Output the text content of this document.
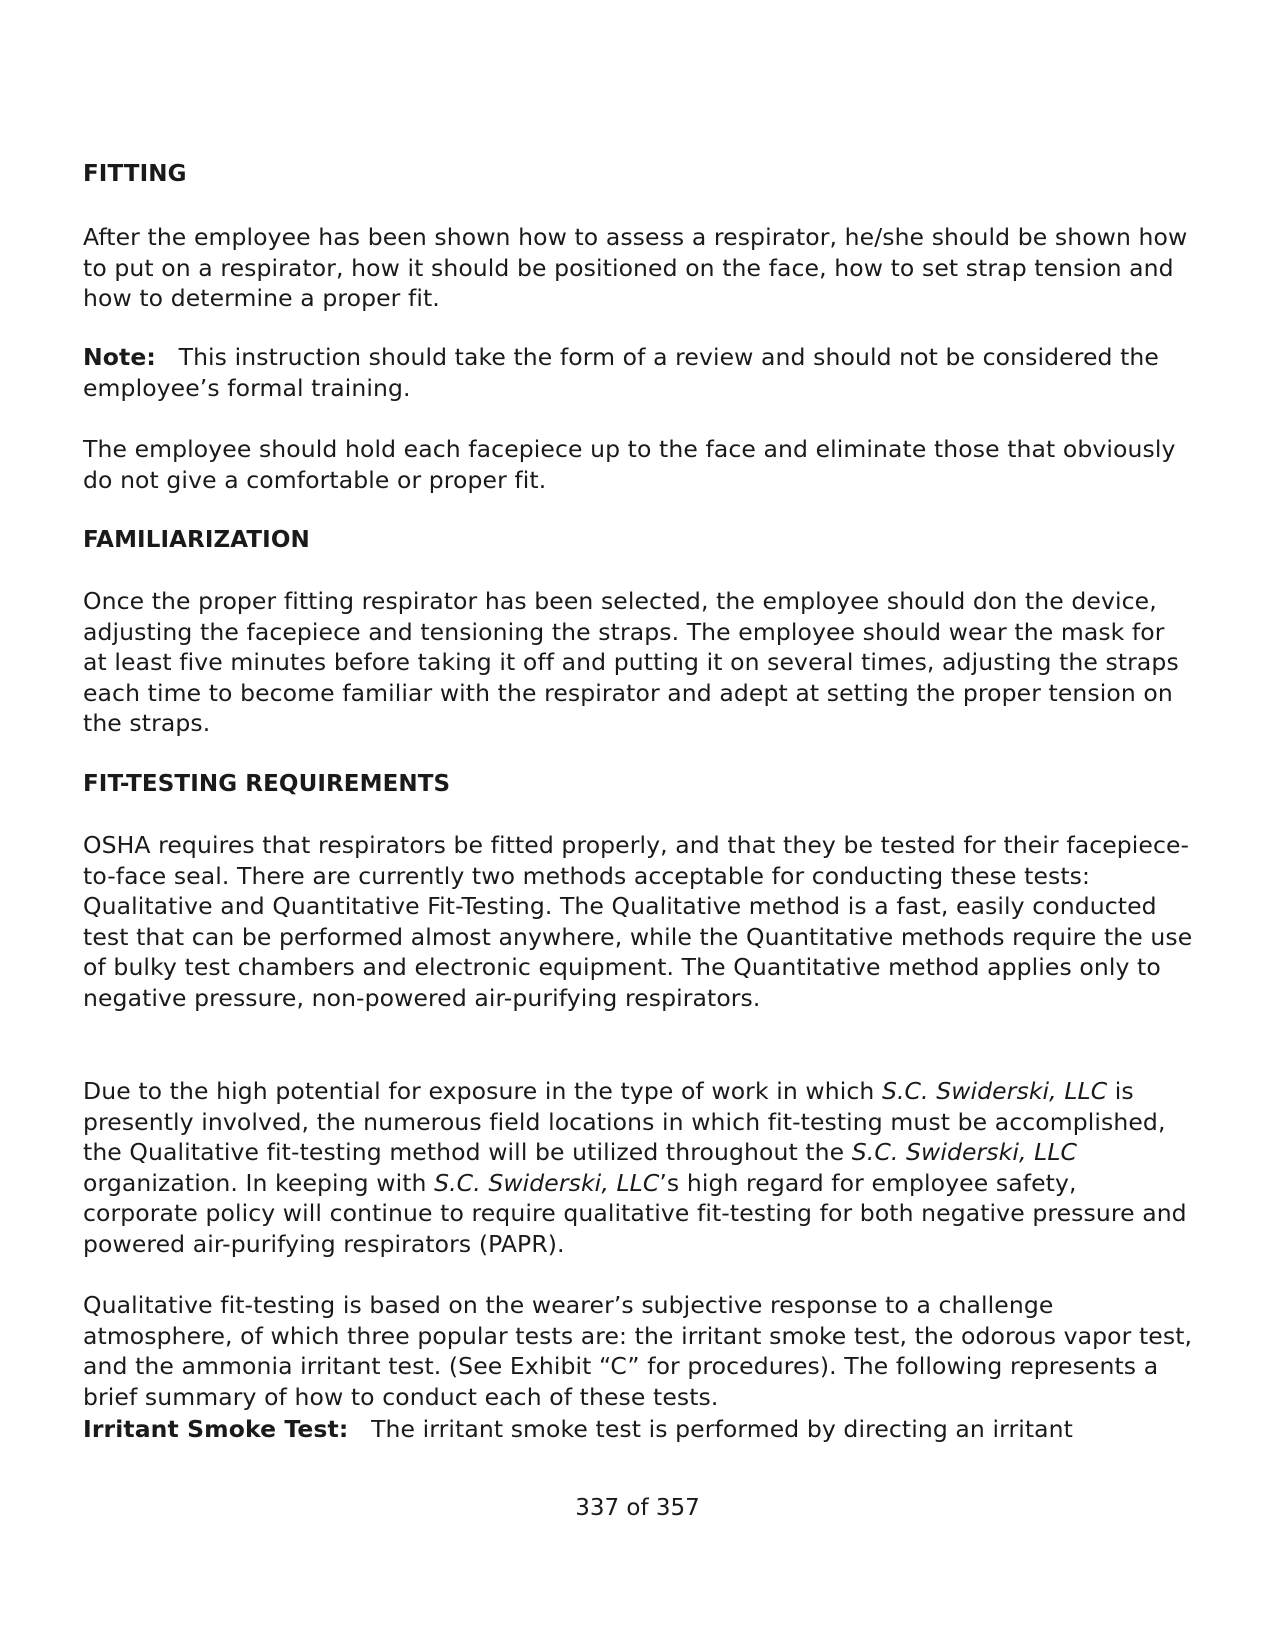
FITTING

After the employee has been shown how to assess a respirator, he/she should be shown how to put on a respirator, how it should be positioned on the face, how to set strap tension and how to determine a proper fit.

Note: This instruction should take the form of a review and should not be considered the employee’s formal training.

The employee should hold each facepiece up to the face and eliminate those that obviously do not give a comfortable or proper fit.

FAMILIARIZATION

Once the proper fitting respirator has been selected, the employee should don the device, adjusting the facepiece and tensioning the straps. The employee should wear the mask for at least five minutes before taking it off and putting it on several times, adjusting the straps each time to become familiar with the respirator and adept at setting the proper tension on the straps.

FIT-TESTING REQUIREMENTS

OSHA requires that respirators be fitted properly, and that they be tested for their facepiece-to-face seal. There are currently two methods acceptable for conducting these tests: Qualitative and Quantitative Fit-Testing. The Qualitative method is a fast, easily conducted test that can be performed almost anywhere, while the Quantitative methods require the use of bulky test chambers and electronic equipment. The Quantitative method applies only to negative pressure, non-powered air-purifying respirators.

Due to the high potential for exposure in the type of work in which S.C. Swiderski, LLC is presently involved, the numerous field locations in which fit-testing must be accomplished, the Qualitative fit-testing method will be utilized throughout the S.C. Swiderski, LLC organization. In keeping with S.C. Swiderski, LLC’s high regard for employee safety, corporate policy will continue to require qualitative fit-testing for both negative pressure and powered air-purifying respirators (PAPR).

Qualitative fit-testing is based on the wearer’s subjective response to a challenge atmosphere, of which three popular tests are: the irritant smoke test, the odorous vapor test, and the ammonia irritant test. (See Exhibit “C” for procedures). The following represents a brief summary of how to conduct each of these tests.

Irritant Smoke Test: The irritant smoke test is performed by directing an irritant

337 of 357
